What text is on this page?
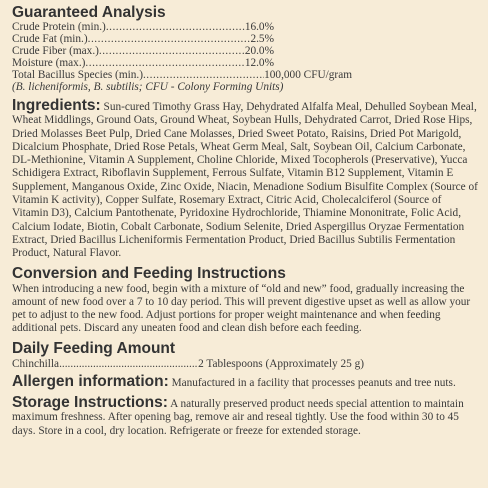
Guaranteed Analysis
Crude Protein (min.) .....	16.0%
Crude Fat (min.) .....	2.5%
Crude Fiber (max.) .....	20.0%
Moisture (max.) .....	12.0%
Total Bacillus Species (min.) .....	100,000 CFU/gram
(B. licheniformis, B. subtilis; CFU - Colony Forming Units)

Ingredients: Sun-cured Timothy Grass Hay, Dehydrated Alfalfa Meal, Dehulled Soybean Meal, Wheat Middlings, Ground Oats, Ground Wheat, Soybean Hulls, Dehydrated Carrot, Dried Rose Hips, Dried Molasses Beet Pulp, Dried Cane Molasses, Dried Sweet Potato, Raisins, Dried Pot Marigold, Dicalcium Phosphate, Dried Rose Petals, Wheat Germ Meal, Salt, Soybean Oil, Calcium Carbonate, DL-Methionine, Vitamin A Supplement, Choline Chloride, Mixed Tocopherols (Preservative), Yucca Schidigera Extract, Riboflavin Supplement, Ferrous Sulfate, Vitamin B12 Supplement, Vitamin E Supplement, Manganous Oxide, Zinc Oxide, Niacin, Menadione Sodium Bisulfite Complex (Source of Vitamin K activity), Copper Sulfate, Rosemary Extract, Citric Acid, Cholecalciferol (Source of Vitamin D3), Calcium Pantothenate, Pyridoxine Hydrochloride, Thiamine Mononitrate, Folic Acid, Calcium Iodate, Biotin, Cobalt Carbonate, Sodium Selenite, Dried Aspergillus Oryzae Fermentation Extract, Dried Bacillus Licheniformis Fermentation Product, Dried Bacillus Subtilis Fermentation Product, Natural Flavor.

Conversion and Feeding Instructions

When introducing a new food, begin with a mixture of “old and new” food, gradually increasing the amount of new food over a 7 to 10 day period. This will prevent digestive upset as well as allow your pet to adjust to the new food. Adjust portions for proper weight maintenance and when feeding additional pets. Discard any uneaten food and clean dish before each feeding.

Daily Feeding Amount
Chinchilla .....	2 Tablespoons (Approximately 25 g)

Allergen information: Manufactured in a facility that processes peanuts and tree nuts.

Storage Instructions: A naturally preserved product needs special attention to maintain maximum freshness. After opening bag, remove air and reseal tightly. Use the food within 30 to 45 days. Store in a cool, dry location. Refrigerate or freeze for extended storage.
